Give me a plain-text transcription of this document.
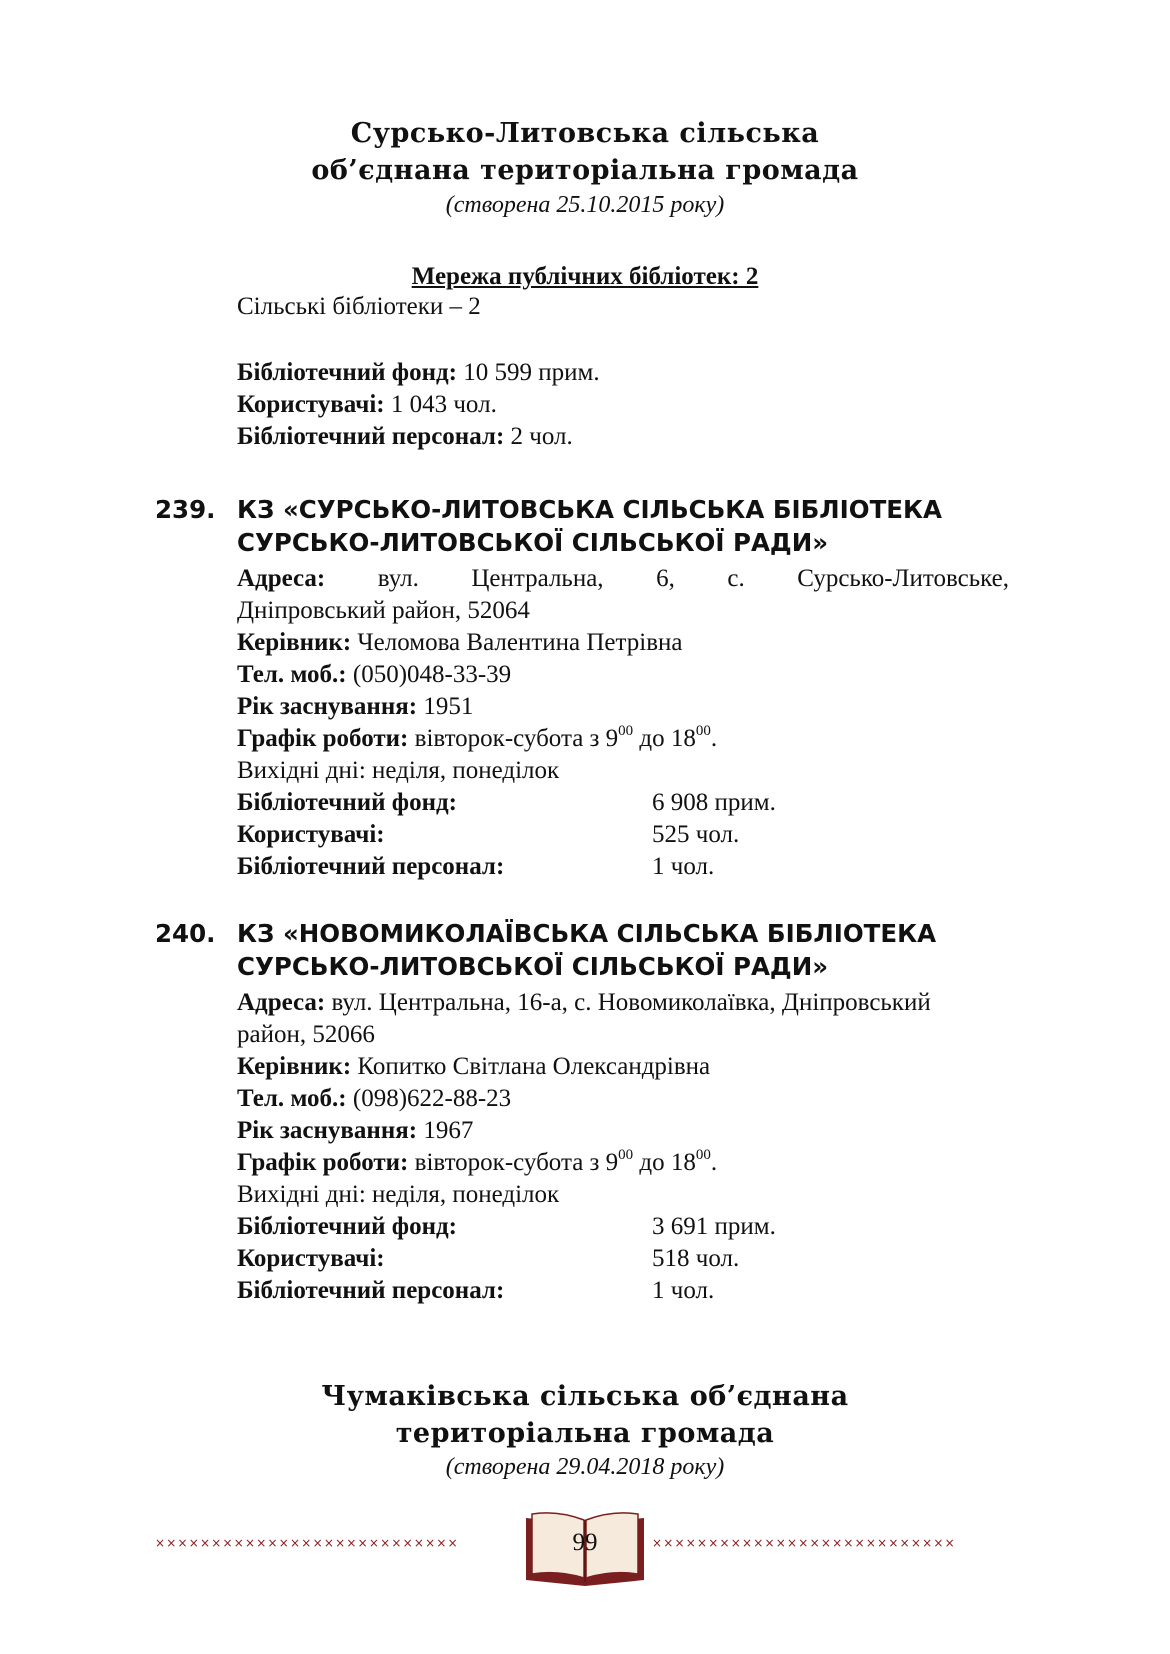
Сурсько-Литовська сільська
об’єднана територіальна громада
(створена 25.10.2015 року)
Мережа публічних бібліотек: 2
Сільські бібліотеки – 2
Бібліотечний фонд: 10 599 прим.
Користувачі: 1 043 чол.
Бібліотечний персонал: 2 чол.
239. КЗ «СУРСЬКО-ЛИТОВСЬКА СІЛЬСЬКА БІБЛІОТЕКА
СУРСЬКО-ЛИТОВСЬКОЇ СІЛЬСЬКОЇ РАДИ»
Адреса: вул. Центральна, 6, с. Сурсько-Литовське,
Дніпровський район, 52064
Керівник: Челомова Валентина Петрівна
Тел. моб.: (050)048-33-39
Рік заснування: 1951
Графік роботи: вівторок-субота з $9^{00}$ до $18^{00}$.
Вихідні дні: неділя, понеділок
Бібліотечний фонд:	6 908 прим.
Користувачі:	525 чол.
Бібліотечний персонал:	1 чол.
240. КЗ «НОВОМИКОЛАЇВСЬКА СІЛЬСЬКА БІБЛІОТЕКА
СУРСЬКО-ЛИТОВСЬКОЇ СІЛЬСЬКОЇ РАДИ»
Адреса: вул. Центральна, 16-а, с. Новомиколаївка, Дніпровський
район, 52066
Керівник: Копитко Світлана Олександрівна
Тел. моб.: (098)622-88-23
Рік заснування: 1967
Графік роботи: вівторок-субота з $9^{00}$ до $18^{00}$.
Вихідні дні: неділя, понеділок
Бібліотечний фонд:	3 691 прим.
Користувачі:	518 чол.
Бібліотечний персонал:	1 чол.
Чумаківська сільська об’єднана
територіальна громада
(створена 29.04.2018 року)
×××××××××××××××××××××××××××	×××××××××××××××××××××××××××
99
